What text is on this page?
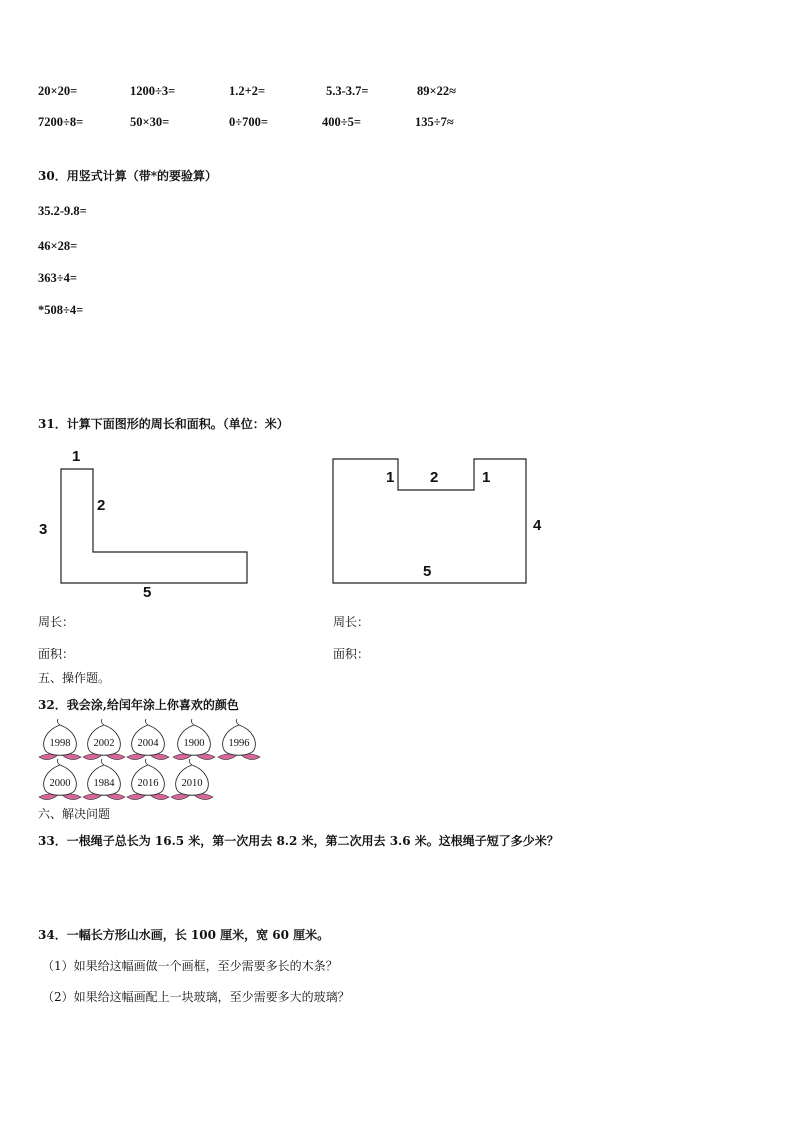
20×20=	1200÷3=	1.2+2=	5.3-3.7=	89×22≈
7200÷8=	50×30=	0÷700=	400÷5=	135÷7≈
30．用竖式计算（带*的要验算）
35.2-9.8=
46×28=
363÷4=
*508÷4=
31．计算下面图形的周长和面积。（单位：米）
1
2
3
5
1 2	1
4
5
周长：	周长：
面积：	面积：
五、操作题。
32．我会涂,给闰年涂上你喜欢的颜色
1998 2002 2004 1900 1996
2000 1984 2016 2010
六、解决问题
33．一根绳子总长为 16.5 米，第一次用去 8.2 米，第二次用去 3.6 米。这根绳子短了多少米？
34．一幅长方形山水画，长 100 厘米，宽 60 厘米。
（1）如果给这幅画做一个画框，至少需要多长的木条？
（2）如果给这幅画配上一块玻璃，至少需要多大的玻璃？
